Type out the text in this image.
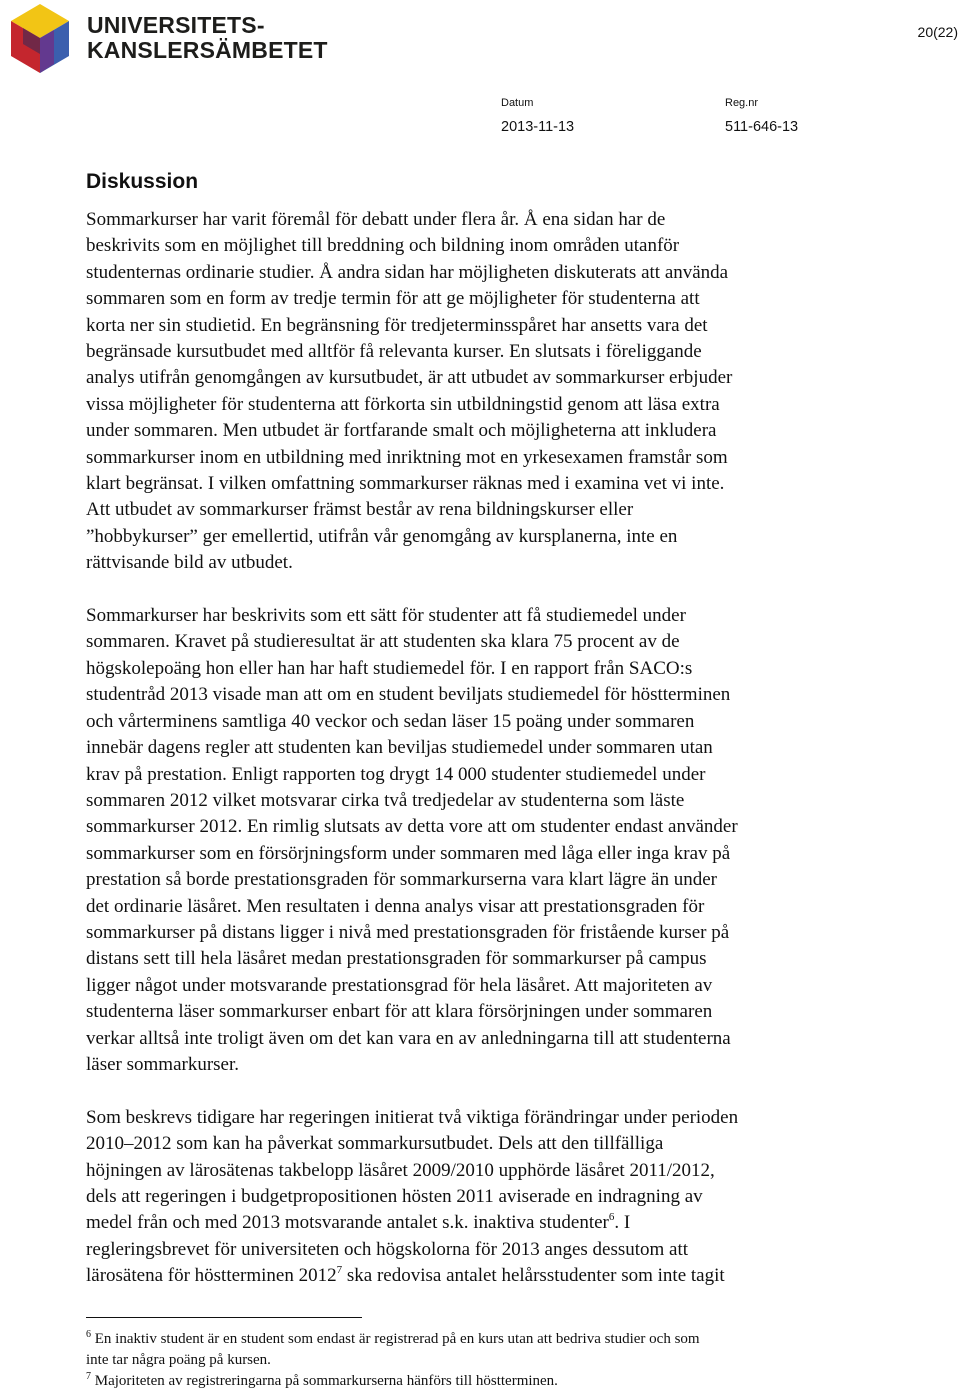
UNIVERSITETS-
KANSLERSÄMBETET
20(22)
Datum
2013-11-13
Reg.nr
511-646-13
Diskussion

Sommarkurser har varit föremål för debatt under flera år. Å ena sidan har de
beskrivits som en möjlighet till breddning och bildning inom områden utanför
studenternas ordinarie studier. Å andra sidan har möjligheten diskuterats att använda
sommaren som en form av tredje termin för att ge möjligheter för studenterna att
korta ner sin studietid. En begränsning för tredjeterminsspåret har ansetts vara det
begränsade kursutbudet med alltför få relevanta kurser. En slutsats i föreliggande
analys utifrån genomgången av kursutbudet, är att utbudet av sommarkurser erbjuder
vissa möjligheter för studenterna att förkorta sin utbildningstid genom att läsa extra
under sommaren. Men utbudet är fortfarande smalt och möjligheterna att inkludera
sommarkurser inom en utbildning med inriktning mot en yrkesexamen framstår som
klart begränsat. I vilken omfattning sommarkurser räknas med i examina vet vi inte.
Att utbudet av sommarkurser främst består av rena bildningskurser eller
”hobbykurser” ger emellertid, utifrån vår genomgång av kursplanerna, inte en
rättvisande bild av utbudet.

Sommarkurser har beskrivits som ett sätt för studenter att få studiemedel under
sommaren. Kravet på studieresultat är att studenten ska klara 75 procent av de
högskolepoäng hon eller han har haft studiemedel för. I en rapport från SACO:s
studentråd 2013 visade man att om en student beviljats studiemedel för höstterminen
och vårterminens samtliga 40 veckor och sedan läser 15 poäng under sommaren
innebär dagens regler att studenten kan beviljas studiemedel under sommaren utan
krav på prestation. Enligt rapporten tog drygt 14 000 studenter studiemedel under
sommaren 2012 vilket motsvarar cirka två tredjedelar av studenterna som läste
sommarkurser 2012. En rimlig slutsats av detta vore att om studenter endast använder
sommarkurser som en försörjningsform under sommaren med låga eller inga krav på
prestation så borde prestationsgraden för sommarkurserna vara klart lägre än under
det ordinarie läsåret. Men resultaten i denna analys visar att prestationsgraden för
sommarkurser på distans ligger i nivå med prestationsgraden för fristående kurser på
distans sett till hela läsåret medan prestationsgraden för sommarkurser på campus
ligger något under motsvarande prestationsgrad för hela läsåret. Att majoriteten av
studenterna läser sommarkurser enbart för att klara försörjningen under sommaren
verkar alltså inte troligt även om det kan vara en av anledningarna till att studenterna
läser sommarkurser.

Som beskrevs tidigare har regeringen initierat två viktiga förändringar under perioden
2010–2012 som kan ha påverkat sommarkursutbudet. Dels att den tillfälliga
höjningen av lärosätenas takbelopp läsåret 2009/2010 upphörde läsåret 2011/2012,
dels att regeringen i budgetpropositionen hösten 2011 aviserade en indragning av
medel från och med 2013 motsvarande antalet s.k. inaktiva studenter$^6$. I
regleringsbrevet för universiteten och högskolorna för 2013 anges dessutom att
lärosätena för höstterminen 2012$^7$ ska redovisa antalet helårsstudenter som inte tagit

$^6$ En inaktiv student är en student som endast är registrerad på en kurs utan att bedriva studier och som
inte tar några poäng på kursen.
$^7$ Majoriteten av registreringarna på sommarkurserna hänförs till höstterminen.
